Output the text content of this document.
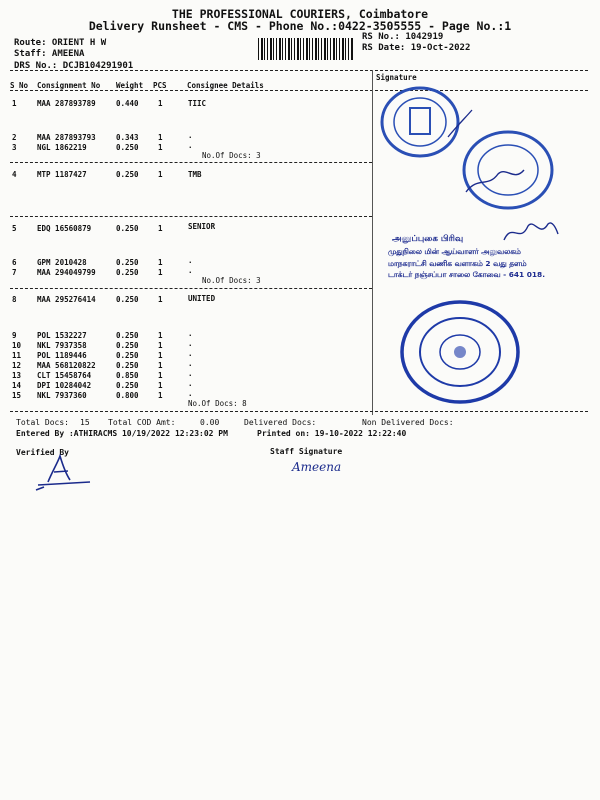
THE PROFESSIONAL COURIERS, Coimbatore
Delivery Runsheet - CMS - Phone No.:0422-3505555 - Page No.:1
Route: ORIENT H W
Staff: AMEENA
DRS No.: DCJB104291901
RS No.: 1042919
RS Date: 19-Oct-2022
S No Consignment No Weight PCS	Consignee Details
Signature
1	MAA 287893789	0.440	1	TIIC
2	MAA 287893793	0.343	1	.
3	NGL 1862219	0.250	1	.
No.Of Docs: 3
4	MTP 1187427	0.250	1	TMB
5	EDQ 16560879	0.250	1	SENIOR
6	GPM 2010428	0.250	1	.
7	MAA 294049799	0.250	1	.
No.Of Docs: 3
8	MAA 295276414	0.250	1	UNITED
9	POL 1532227	0.250	1	.
10 NKL 7937358	0.250	1	.
11 POL 1189446	0.250	1	.
12 MAA 568120822	0.250	1	.
13 CLT 15458764	0.850	1	.
14 DPI 10284042	0.250	1	.
15 NKL 7937360	0.800	1	.
No.Of Docs: 8
Total Docs: 15 Total COD Amt:	0.00	Delivered Docs:	Non Delivered Docs:
Entered By :ATHIRACMS 10/19/2022 12:23:02 PM	Printed on: 19-10-2022 12:22:40
Verified By	Staff Signature
Ameena
அனுப்புகை பிரிவு
முதுநிலை மின் ஆய்வாளர் அலுவலகம்
மாநகராட்சி வணிக வளாகம் 2 வது தளம்
டாக்டர் நஞ்சப்பா சாலை கோவை - 641 018.
